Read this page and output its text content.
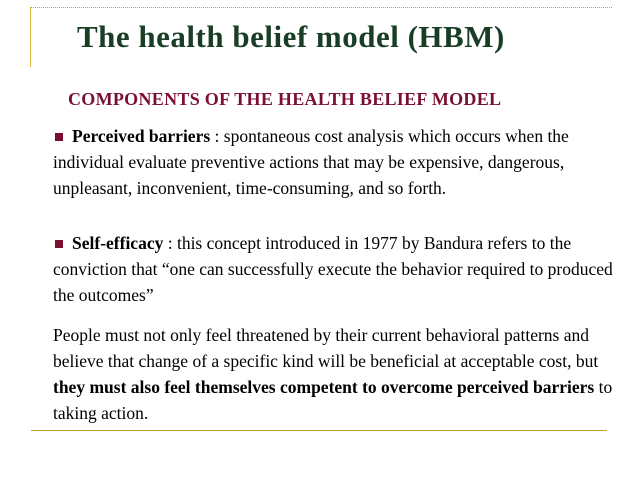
The health belief model (HBM)
COMPONENTS OF THE HEALTH BELIEF MODEL

Perceived barriers : spontaneous cost analysis which occurs when the individual evaluate preventive actions that may be expensive, dangerous, unpleasant, inconvenient, time-consuming, and so forth.

Self-efficacy : this concept introduced in 1977 by Bandura refers to the conviction that “one can successfully execute the behavior required to produced the outcomes”

People must not only feel threatened by their current behavioral patterns and believe that change of a specific kind will be beneficial at acceptable cost, but they must also feel themselves competent to overcome perceived barriers to taking action.
